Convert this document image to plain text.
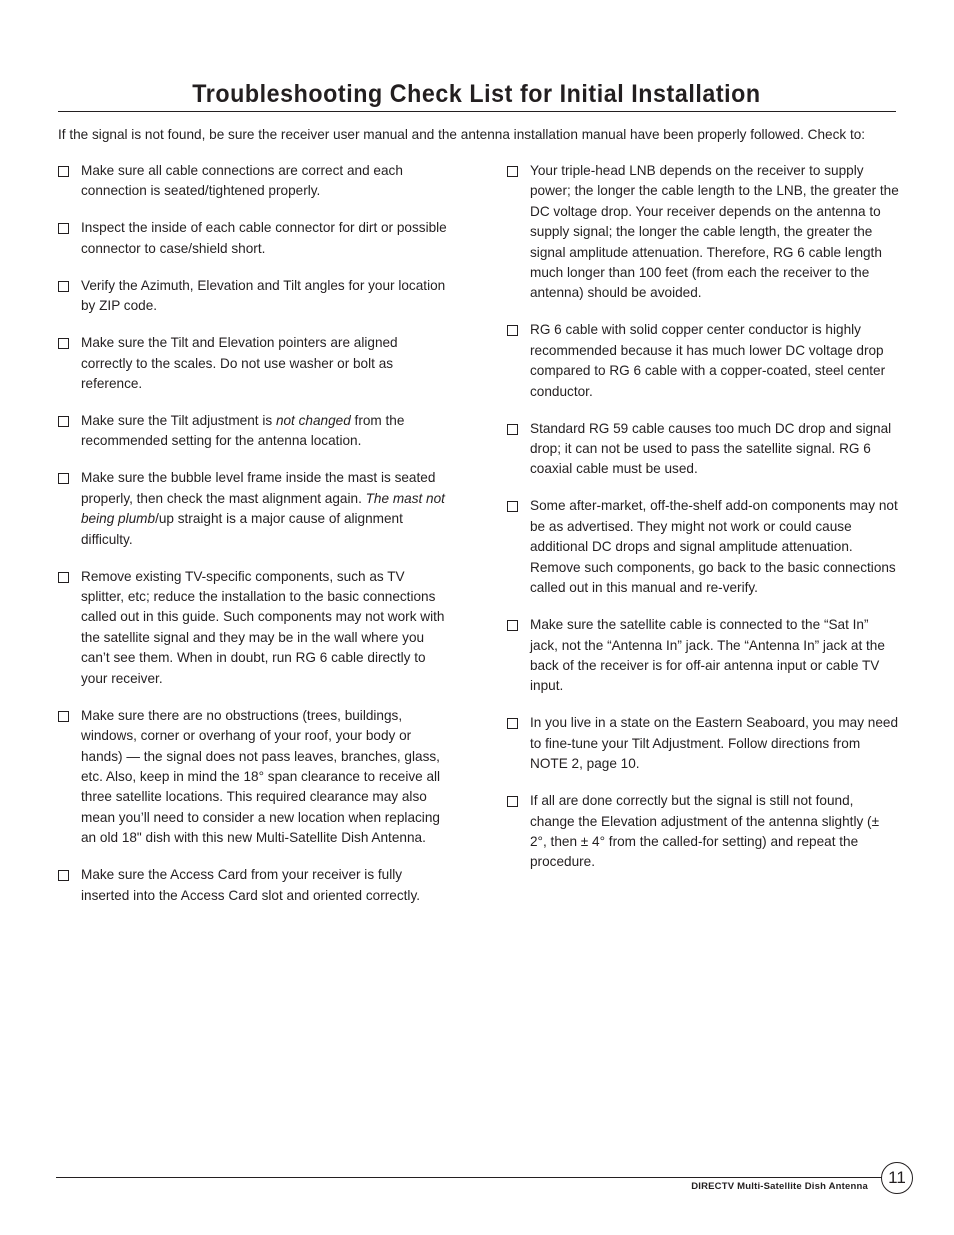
Troubleshooting Check List for Initial Installation

If the signal is not found, be sure the receiver user manual and the antenna installation manual have been properly followed. Check to:

Make sure all cable connections are correct and each connection is seated/tightened properly.
Inspect the inside of each cable connector for dirt or possible connector to case/shield short.
Verify the Azimuth, Elevation and Tilt angles for your location by ZIP code.
Make sure the Tilt and Elevation pointers are aligned correctly to the scales. Do not use washer or bolt as reference.
Make sure the Tilt adjustment is not changed from the recommended setting for the antenna location.
Make sure the bubble level frame inside the mast is seated properly, then check the mast alignment again. The mast not being plumb/up straight is a major cause of alignment difficulty.
Remove existing TV-specific components, such as TV splitter, etc; reduce the installation to the basic connections called out in this guide. Such components may not work with the satellite signal and they may be in the wall where you can’t see them. When in doubt, run RG 6 cable directly to your receiver.
Make sure there are no obstructions (trees, buildings, windows, corner or overhang of your roof, your body or hands) — the signal does not pass leaves, branches, glass, etc. Also, keep in mind the 18° span clearance to receive all three satellite locations. This required clearance may also mean you’ll need to consider a new location when replacing an old 18" dish with this new Multi-Satellite Dish Antenna.
Make sure the Access Card from your receiver is fully inserted into the Access Card slot and oriented correctly.
Your triple-head LNB depends on the receiver to supply power; the longer the cable length to the LNB, the greater the DC voltage drop. Your receiver depends on the antenna to supply signal; the longer the cable length, the greater the signal amplitude attenuation. Therefore, RG 6 cable length much longer than 100 feet (from each the receiver to the antenna) should be avoided.
RG 6 cable with solid copper center conductor is highly recommended because it has much lower DC voltage drop compared to RG 6 cable with a copper-coated, steel center conductor.
Standard RG 59 cable causes too much DC drop and signal drop; it can not be used to pass the satellite signal. RG 6 coaxial cable must be used.
Some after-market, off-the-shelf add-on components may not be as advertised. They might not work or could cause additional DC drops and signal amplitude attenuation. Remove such components, go back to the basic connections called out in this manual and re-verify.
Make sure the satellite cable is connected to the “Sat In” jack, not the “Antenna In” jack. The “Antenna In” jack at the back of the receiver is for off-air antenna input or cable TV input.
In you live in a state on the Eastern Seaboard, you may need to fine-tune your Tilt Adjustment. Follow directions from NOTE 2, page 10.
If all are done correctly but the signal is still not found, change the Elevation adjustment of the antenna slightly (± 2°, then ± 4° from the called-for setting) and repeat the procedure.
DIRECTV Multi-Satellite Dish Antenna	11
